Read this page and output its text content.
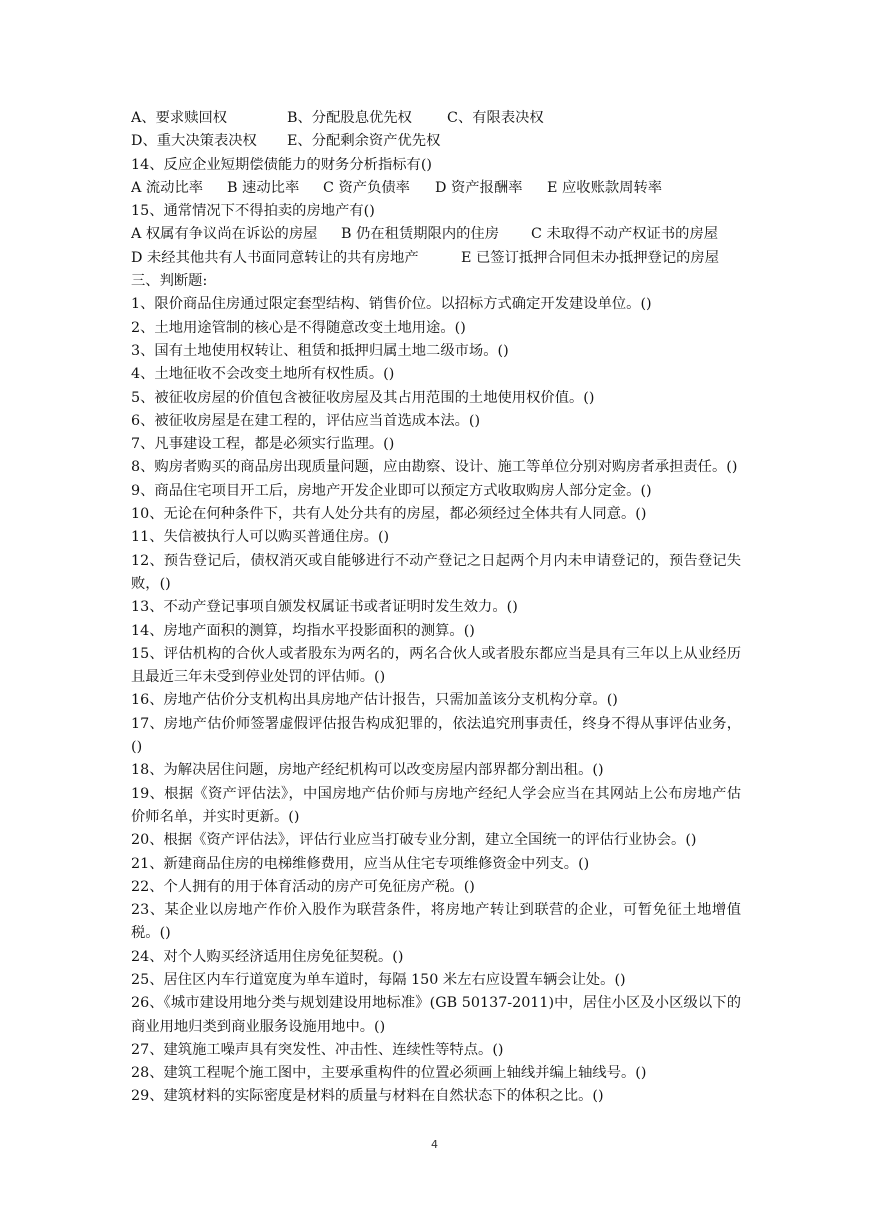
A、要求赎回权	B、分配股息优先权 C、有限表决权
D、重大决策表决权 E、分配剩余资产优先权
14、反应企业短期偿债能力的财务分析指标有()
A 流动比率 B 速动比率 C 资产负债率 D 资产报酬率 E 应收账款周转率
15、通常情况下不得拍卖的房地产有()
A 权属有争议尚在诉讼的房屋 B 仍在租赁期限内的住房 C 未取得不动产权证书的房屋
D 未经其他共有人书面同意转让的共有房地产	E 已签订抵押合同但未办抵押登记的房屋
三、判断题:
1、限价商品住房通过限定套型结构、销售价位。以招标方式确定开发建设单位。()
2、土地用途管制的核心是不得随意改变土地用途。()
3、国有土地使用权转让、租赁和抵押归属土地二级市场。()
4、土地征收不会改变土地所有权性质。()
5、被征收房屋的价值包含被征收房屋及其占用范围的土地使用权价值。()
6、被征收房屋是在建工程的，评估应当首选成本法。()
7、凡事建设工程，都是必须实行监理。()
8、购房者购买的商品房出现质量问题，应由勘察、设计、施工等单位分别对购房者承担责任。()
9、商品住宅项目开工后，房地产开发企业即可以预定方式收取购房人部分定金。()
10、无论在何种条件下，共有人处分共有的房屋，都必须经过全体共有人同意。()
11、失信被执行人可以购买普通住房。()
12、预告登记后，债权消灭或自能够进行不动产登记之日起两个月内未申请登记的，预告登记失败，()
13、不动产登记事项自颁发权属证书或者证明时发生效力。()
14、房地产面积的测算，均指水平投影面积的测算。()
15、评估机构的合伙人或者股东为两名的，两名合伙人或者股东都应当是具有三年以上从业经历且最近三年未受到停业处罚的评估师。()
16、房地产估价分支机构出具房地产估计报告，只需加盖该分支机构分章。()
17、房地产估价师签署虚假评估报告构成犯罪的，依法追究刑事责任，终身不得从事评估业务，()
18、为解决居住问题，房地产经纪机构可以改变房屋内部界都分割出租。()
19、根据《资产评估法》，中国房地产估价师与房地产经纪人学会应当在其网站上公布房地产估价师名单，并实时更新。()
20、根据《资产评估法》，评估行业应当打破专业分割，建立全国统一的评估行业协会。()
21、新建商品住房的电梯维修费用，应当从住宅专项维修资金中列支。()
22、个人拥有的用于体育活动的房产可免征房产税。()
23、某企业以房地产作价入股作为联营条件，将房地产转让到联营的企业，可暂免征土地增值税。()
24、对个人购买经济适用住房免征契税。()
25、居住区内车行道宽度为单车道时，每隔 150 米左右应设置车辆会让处。()
26、《城市建设用地分类与规划建设用地标准》(GB 50137-2011)中，居住小区及小区级以下的商业用地归类到商业服务设施用地中。()
27、建筑施工噪声具有突发性、冲击性、连续性等特点。()
28、建筑工程呢个施工图中，主要承重构件的位置必须画上轴线并编上轴线号。()
29、建筑材料的实际密度是材料的质量与材料在自然状态下的体积之比。()
4
